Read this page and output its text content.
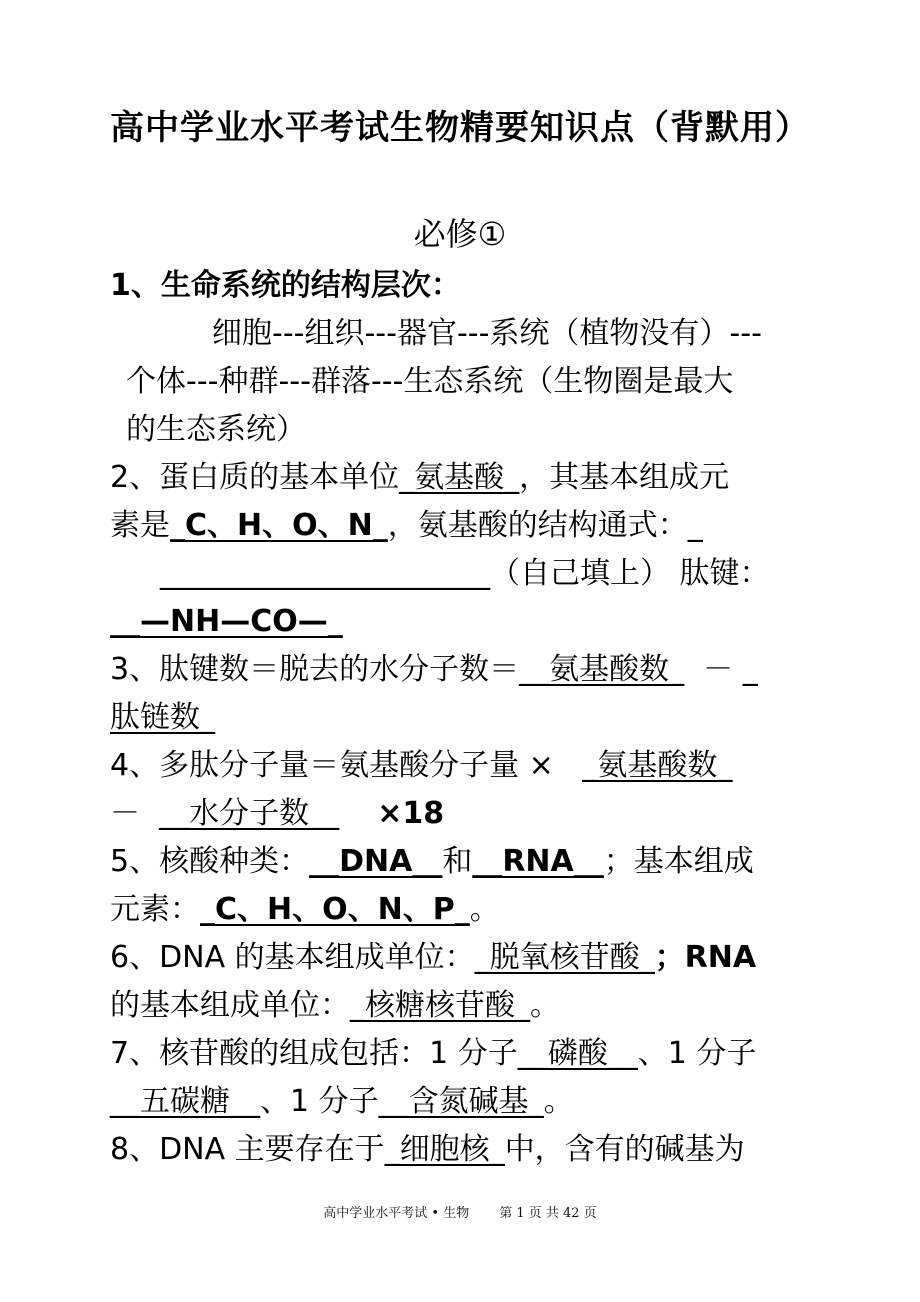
高中学业水平考试生物精要知识点（背默用）
必修①

1、生命系统的结构层次：

细胞---组织---器官---系统（植物没有）---

个体---种群---群落---生态系统（生物圈是最大

的生态系统）

2、蛋白质的基本单位_氨基酸_，其基本组成元

素是_C、H、O、N_，氨基酸的结构通式：_

______________________（自己填上） 肽键：

__—NH—CO—_

3、肽键数＝脱去的水分子数＝__氨基酸数_ － _

肽链数_

4、多肽分子量＝氨基酸分子量 × _氨基酸数_

－ __水分子数__ ×18

5、核酸种类：__DNA__和__RNA__；基本组成

元素：_C、H、O、N、P_。

6、DNA 的基本组成单位：_脱氧核苷酸_；RNA

的基本组成单位：_核糖核苷酸_。

7、核苷酸的组成包括：1 分子__磷酸__、1 分子

__五碳糖__、1 分子__含氮碱基_。

8、DNA 主要存在于_细胞核_中，含有的碱基为

高中学业水平考试 • 生物 第 1 页 共 42 页
